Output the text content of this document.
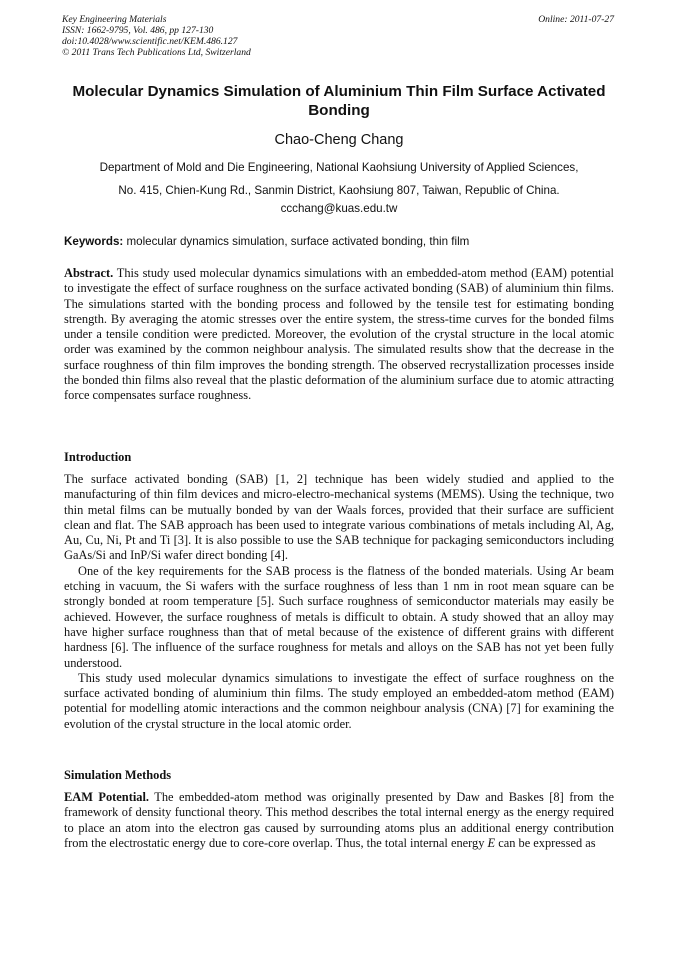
Key Engineering Materials
ISSN: 1662-9795, Vol. 486, pp 127-130
doi:10.4028/www.scientific.net/KEM.486.127
© 2011 Trans Tech Publications Ltd, Switzerland
Online: 2011-07-27
Molecular Dynamics Simulation of Aluminium Thin Film Surface Activated Bonding
Chao-Cheng Chang
Department of Mold and Die Engineering, National Kaohsiung University of Applied Sciences,
No. 415, Chien-Kung Rd., Sanmin District, Kaohsiung 807, Taiwan, Republic of China.
ccchang@kuas.edu.tw
Keywords: molecular dynamics simulation, surface activated bonding, thin film
Abstract. This study used molecular dynamics simulations with an embedded-atom method (EAM) potential to investigate the effect of surface roughness on the surface activated bonding (SAB) of aluminium thin films. The simulations started with the bonding process and followed by the tensile test for estimating bonding strength. By averaging the atomic stresses over the entire system, the stress-time curves for the bonded films under a tensile condition were predicted. Moreover, the evolution of the crystal structure in the local atomic order was examined by the common neighbour analysis. The simulated results show that the decrease in the surface roughness of thin film improves the bonding strength. The observed recrystallization processes inside the bonded thin films also reveal that the plastic deformation of the aluminium surface due to atomic attracting force compensates surface roughness.
Introduction

The surface activated bonding (SAB) [1, 2] technique has been widely studied and applied to the manufacturing of thin film devices and micro-electro-mechanical systems (MEMS). Using the technique, two thin metal films can be mutually bonded by van der Waals forces, provided that their surface are sufficient clean and flat. The SAB approach has been used to integrate various combinations of metals including Al, Ag, Au, Cu, Ni, Pt and Ti [3]. It is also possible to use the SAB technique for packaging semiconductors including GaAs/Si and InP/Si wafer direct bonding [4].

One of the key requirements for the SAB process is the flatness of the bonded materials. Using Ar beam etching in vacuum, the Si wafers with the surface roughness of less than 1 nm in root mean square can be strongly bonded at room temperature [5]. Such surface roughness of semiconductor materials may easily be achieved. However, the surface roughness of metals is difficult to obtain. A study showed that an alloy may have higher surface roughness than that of metal because of the existence of different grains with different hardness [6]. The influence of the surface roughness for metals and alloys on the SAB has not yet been fully understood.

This study used molecular dynamics simulations to investigate the effect of surface roughness on the surface activated bonding of aluminium thin films. The study employed an embedded-atom method (EAM) potential for modelling atomic interactions and the common neighbour analysis (CNA) [7] for examining the evolution of the crystal structure in the local atomic order.

Simulation Methods
EAM Potential. The embedded-atom method was originally presented by Daw and Baskes [8] from the framework of density functional theory. This method describes the total internal energy as the energy required to place an atom into the electron gas caused by surrounding atoms plus an additional energy contribution from the electrostatic energy due to core-core overlap. Thus, the total internal energy E can be expressed as
